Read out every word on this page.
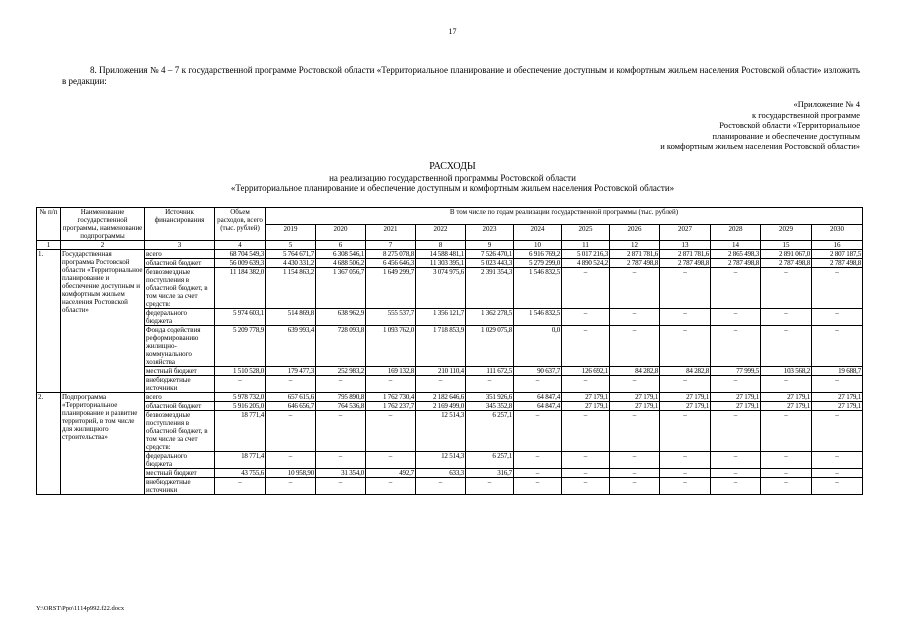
17
8. Приложения № 4 – 7 к государственной программе Ростовской области «Территориальное планирование и обеспечение доступным и комфортным жильем населения Ростовской области» изложить в редакции:
«Приложение № 4
к государственной программе
Ростовской области «Территориальное
планирование и обеспечение доступным
и комфортным жильем населения Ростовской области»
РАСХОДЫ
на реализацию государственной программы Ростовской области
«Территориальное планирование и обеспечение доступным и комфортным жильем населения Ростовской области»
№ п/п	Наименование государственной программы, наименование подпрограммы	Источник финансирования	Объем расходов, всего (тыс. рублей)	В том числе по годам реализации государственной программы (тыс. рублей)											
				2019	2020	2021	2022	2023	2024	2025	2026	2027	2028	2029	2030
1	2	3	4	5	6	7	8	9	10	11	12	13	14	15	16
1.	Государственная программа Ростовской области «Территориальное планирование и обеспечение доступным и комфортным жильем населения Ростовской области»	всего	68 704 549,3	5 764 671,7	6 308 546,1	8 275 078,8	14 588 481,1	7 526 470,1	6 916 769,2	5 017 216,3	2 871 781,6	2 871 781,6	2 865 498,3	2 891 067,0	2 807 187,5
		областной бюджет	56 009 639,3	4 430 331,2	4 688 506,2	6 456 646,3	11 303 395,1	5 023 443,3	5 279 299,0	4 890 524,2	2 787 498,8	2 787 498,8	2 787 498,8	2 787 498,8	2 787 498,8
		безвозмездные поступления в областной бюджет, в том числе за счет средств:	11 184 382,0	1 154 863,2	1 367 056,7	1 649 299,7	3 074 975,6	2 391 354,3	1 546 832,5	–	–	–	–	–	–
		федерального бюджета	5 974 603,1	514 869,8	638 962,9	555 537,7	1 356 121,7	1 362 278,5	1 546 832,5	–	–	–	–	–	–
		Фонда содействия реформированию жилищно-коммунального хозяйства	5 209 778,9	639 993,4	728 093,8	1 093 762,0	1 718 853,9	1 029 075,8	0,0	–	–	–	–	–	–
		местный бюджет	1 510 528,0	179 477,3	252 983,2	169 132,8	210 110,4	111 672,5	90 637,7	126 692,1	84 282,8	84 282,8	77 999,5	103 568,2	19 688,7
		внебюджетные источники	–	–	–	–	–	–	–	–	–	–	–	–	–
2.	Подпрограмма «Территориальное планирование и развитие территорий, в том числе для жилищного строительства»	всего	5 978 732,0	657 615,6	795 890,8	1 762 730,4	2 182 646,6	351 926,6	64 847,4	27 179,1	27 179,1	27 179,1	27 179,1	27 179,1	27 179,1
		областной бюджет	5 916 205,0	646 656,7	764 536,8	1 762 237,7	2 169 499,0	345 352,8	64 847,4	27 179,1	27 179,1	27 179,1	27 179,1	27 179,1	27 179,1
		безвозмездные поступления в областной бюджет, в том числе за счет средств:	18 771,4	–	–	–	12 514,3	6 257,1	–	–	–	–	–	–	–
		федерального бюджета	18 771,4	–	–	–	12 514,3	6 257,1	–	–	–	–	–	–	–
		местный бюджет	43 755,6	10 958,90	31 354,0	492,7	633,3	316,7	–	–	–	–	–	–	–
		внебюджетные источники	–	–	–	–	–	–	–	–	–	–	–	–	–
Y:\ORST\Ppo\1114p992.f22.docx
